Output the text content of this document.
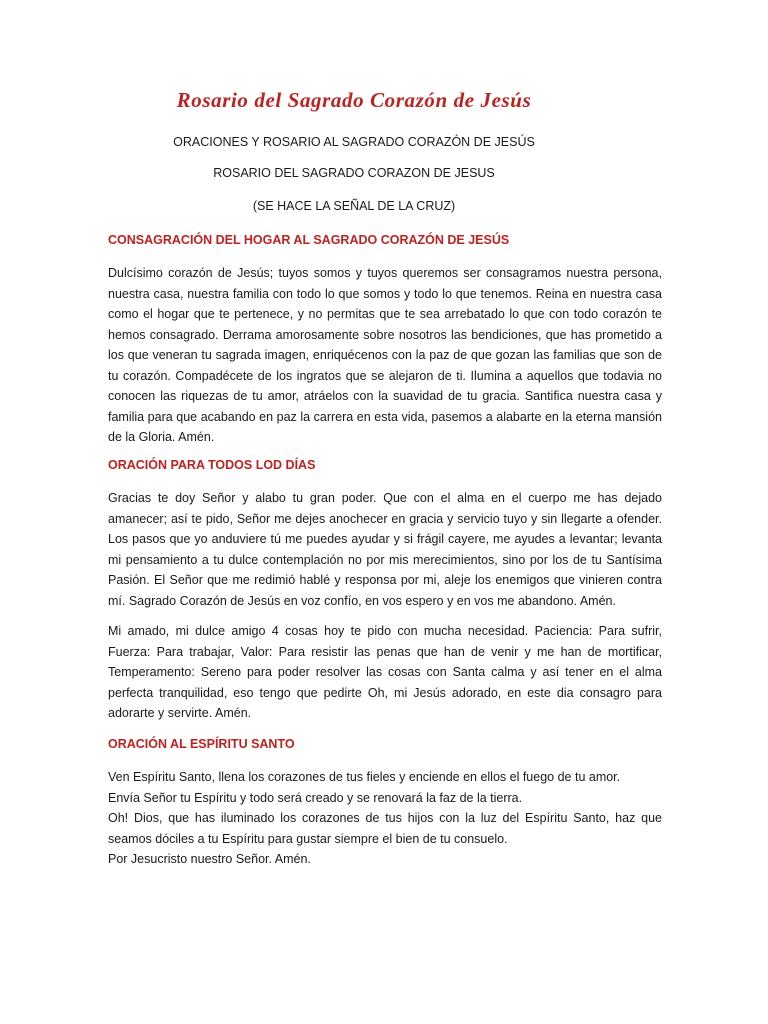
Rosario del Sagrado Corazón de Jesús

ORACIONES Y ROSARIO AL SAGRADO CORAZÓN DE JESÚS

ROSARIO DEL SAGRADO CORAZON DE JESUS

(SE HACE LA SEÑAL DE LA CRUZ)

CONSAGRACIÓN DEL HOGAR AL SAGRADO CORAZÓN DE JESÚS
Dulcísimo corazón de Jesús; tuyos somos y tuyos queremos ser consagramos nuestra persona,
nuestra casa, nuestra familia con todo lo que somos y todo lo que tenemos. Reina en nuestra casa
como el hogar que te pertenece, y no permitas que te sea arrebatado lo que con todo corazón te
hemos consagrado. Derrama amorosamente sobre nosotros las bendiciones, que has prometido a
los que veneran tu sagrada imagen, enriquécenos con la paz de que gozan las familias que son de
tu corazón. Compadécete de los ingratos que se alejaron de ti. Ilumina a aquellos que todavia no
conocen las riquezas de tu amor, atráelos con la suavidad de tu gracia. Santifica nuestra casa y
familia para que acabando en paz la carrera en esta vida, pasemos a alabarte en la eterna mansión
de la Gloria. Amén.
ORACIÓN PARA TODOS LOD DÍAS
Gracias te doy Señor y alabo tu gran poder. Que con el alma en el cuerpo me has dejado
amanecer; así te pido, Señor me dejes anochecer en gracia y servicio tuyo y sin llegarte a ofender.
Los pasos que yo anduviere tú me puedes ayudar y si frágil cayere, me ayudes a levantar; levanta
mi pensamiento a tu dulce contemplación no por mis merecimientos, sino por los de tu Santísima
Pasión. El Señor que me redimió hablé y responsa por mi, aleje los enemigos que vinieren contra
mí. Sagrado Corazón de Jesús en voz confío, en vos espero y en vos me abandono. Amén.
Mi amado, mi dulce amigo 4 cosas hoy te pido con mucha necesidad. Paciencia: Para sufrir,
Fuerza: Para trabajar, Valor: Para resistir las penas que han de venir y me han de mortificar,
Temperamento: Sereno para poder resolver las cosas con Santa calma y así tener en el alma
perfecta tranquilidad, eso tengo que pedirte Oh, mi Jesús adorado, en este dia consagro para
adorarte y servirte. Amén.
ORACIÓN AL ESPÍRITU SANTO
Ven Espíritu Santo, llena los corazones de tus fieles y enciende en ellos el fuego de tu amor.
Envía Señor tu Espíritu y todo será creado y se renovará la faz de la tierra.
Oh! Dios, que has iluminado los corazones de tus hijos con la luz del Espíritu Santo, haz que
seamos dóciles a tu Espíritu para gustar siempre el bien de tu consuelo.
Por Jesucristo nuestro Señor. Amén.
